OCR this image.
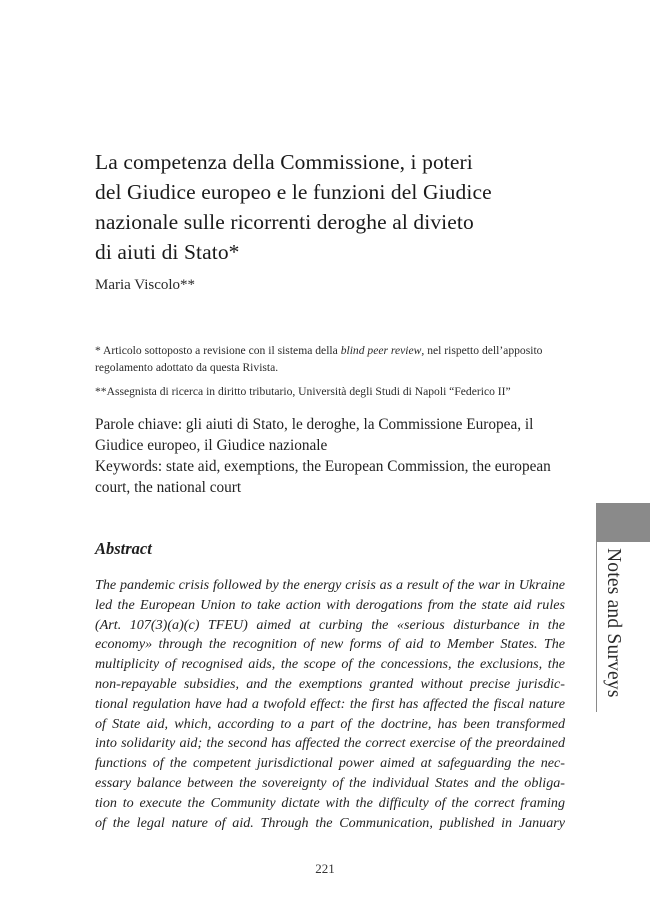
La competenza della Commissione, i poteri
del Giudice europeo e le funzioni del Giudice
nazionale sulle ricorrenti deroghe al divieto
di aiuti di Stato*
Maria Viscolo**
* Articolo sottoposto a revisione con il sistema della blind peer review, nel rispetto dell’apposito
regolamento adottato da questa Rivista.
**Assegnista di ricerca in diritto tributario, Università degli Studi di Napoli “Federico II”
Parole chiave: gli aiuti di Stato, le deroghe, la Commissione Europea, il
Giudice europeo, il Giudice nazionale
Keywords: state aid, exemptions, the European Commission, the european
court, the national court
Abstract
The pandemic crisis followed by the energy crisis as a result of the war in Ukraine
led the European Union to take action with derogations from the state aid rules
(Art. 107(3)(a)(c) TFEU) aimed at curbing the «serious disturbance in the
economy» through the recognition of new forms of aid to Member States. The
multiplicity of recognised aids, the scope of the concessions, the exclusions, the
non-repayable subsidies, and the exemptions granted without precise jurisdic-
tional regulation have had a twofold effect: the first has affected the fiscal nature
of State aid, which, according to a part of the doctrine, has been transformed
into solidarity aid; the second has affected the correct exercise of the preordained
functions of the competent jurisdictional power aimed at safeguarding the nec-
essary balance between the sovereignty of the individual States and the obliga-
tion to execute the Community dictate with the difficulty of the correct framing
of the legal nature of aid. Through the Communication, published in January
Notes and Surveys
221
